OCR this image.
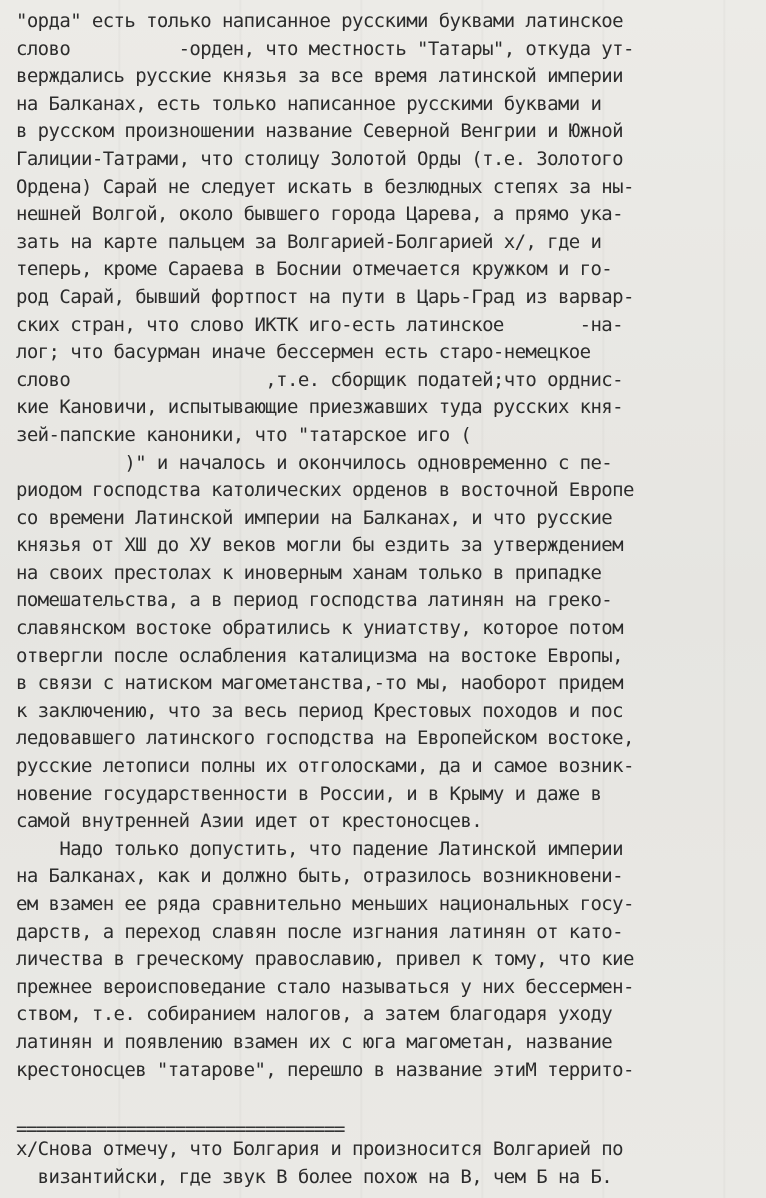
"орда" есть только написанное русскими буквами латинское
слово          -орден, что местность "Татары", откуда ут-
верждались русские князья за все время латинской империи
на Балканах, есть только написанное русскими буквами и
в русском произношении название Северной Венгрии и Южной
Галиции-Татрами, что столицу Золотой Орды (т.е. Золотого
Ордена) Сарай не следует искать в безлюдных степях за ны-
нешней Волгой, около бывшего города Царева, а прямо ука-
зать на карте пальцем за Волгарией-Болгарией x/, где и
теперь, кроме Сараева в Боснии отмечается кружком и го-
род Сарай, бывший фортпост на пути в Царь-Град из варвар-
ских стран, что слово ИКТК иго-есть латинское       -на-
лог; что басурман иначе бессермен есть старо-немецкое
слово                  ,т.е. сборщик податей;что орднис-
кие Кановичи, испытывающие приезжавших туда русских кня-
зей-папские каноники, что "татарское иго (
)" и началось и окончилось одновременно с пе-
риодом господства католических орденов в восточной Европе
со времени Латинской империи на Балканах, и что русские
князья от XШ до XУ веков могли бы ездить за утверждением
на своих престолах к иноверным ханам только в припадке
помешательства, а в период господства латинян на греко-
славянском востоке обратились к униатству, которое потом
отвергли после ослабления каталицизма на востоке Европы,
в связи с натиском магометанства,-то мы, наоборот придем
к заключению, что за весь период Крестовых походов и пос
ледовавшего латинского господства на Европейском востоке,
русские летописи полны их отголосками, да и самое возник-
новение государственности в России, и в Крыму и даже в
самой внутренней Азии идет от крестоносцев.
Надо только допустить, что падение Латинской империи
на Балканах, как и должно быть, отразилось возникновени-
ем взамен ее ряда сравнительно меньших национальных госу-
дарств, а переход славян после изгнания латинян от като-
личества в греческому православию, привел к тому, что кие
прежнее вероисповедание стало называться у них бессермен-
ством, т.е. собиранием налогов, а затем благодаря уходу
латинян и появлению взамен их с юга магометан, название
крестоносцев "татарове", перешло в название этиМ террито-
=================================
x/Снова отмечу, что Болгария и произносится Волгарией по
византийски, где звук В более похож на В, чем Б на Б.
